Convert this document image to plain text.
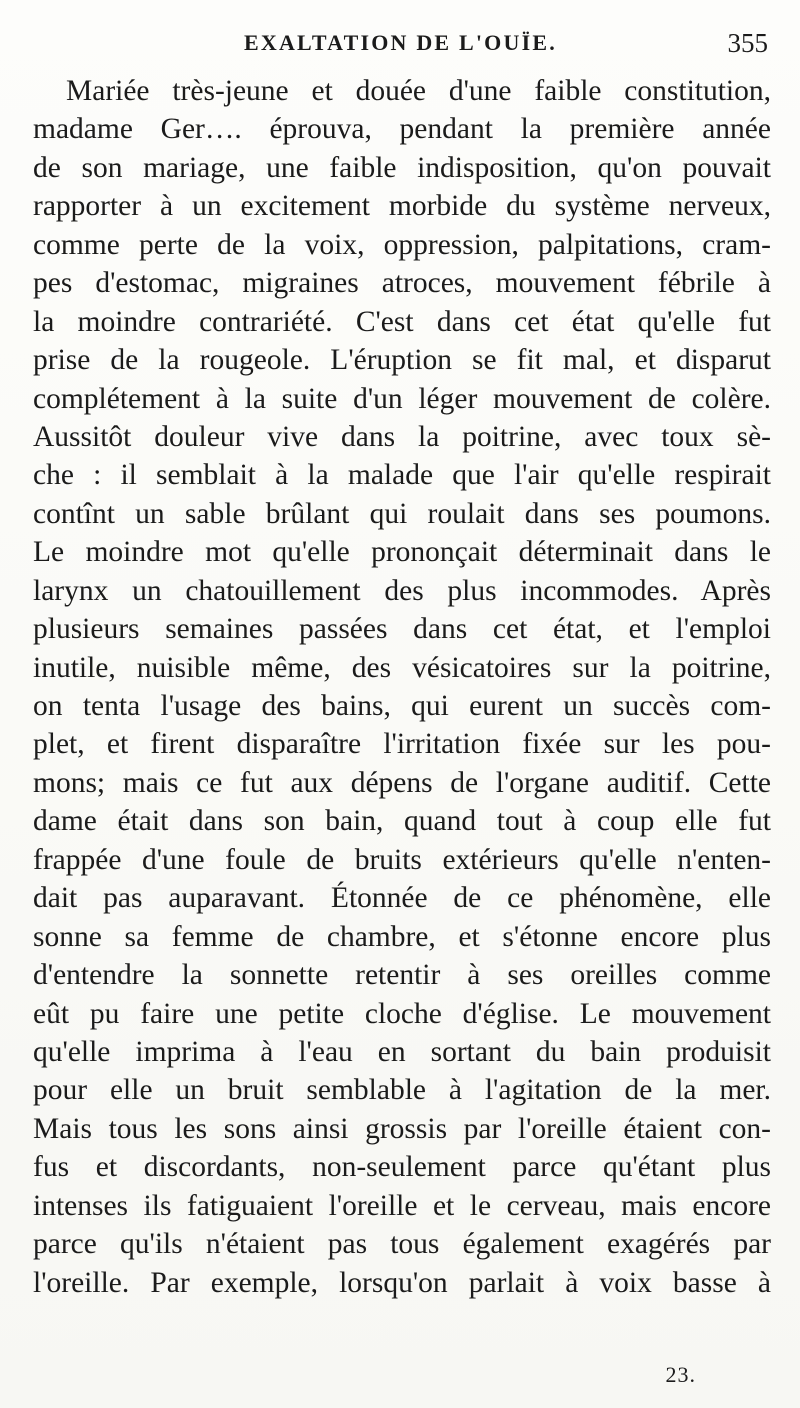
EXALTATION DE L'OUÏE.	355
Mariée très-jeune et douée d'une faible constitution,
madame Ger…. éprouva, pendant la première année
de son mariage, une faible indisposition, qu'on pouvait
rapporter à un excitement morbide du système nerveux,
comme perte de la voix, oppression, palpitations, cram-
pes d'estomac, migraines atroces, mouvement fébrile à
la moindre contrariété. C'est dans cet état qu'elle fut
prise de la rougeole. L'éruption se fit mal, et disparut
complétement à la suite d'un léger mouvement de colère.
Aussitôt douleur vive dans la poitrine, avec toux sè-
che : il semblait à la malade que l'air qu'elle respirait
contînt un sable brûlant qui roulait dans ses poumons.
Le moindre mot qu'elle prononçait déterminait dans le
larynx un chatouillement des plus incommodes. Après
plusieurs semaines passées dans cet état, et l'emploi
inutile, nuisible même, des vésicatoires sur la poitrine,
on tenta l'usage des bains, qui eurent un succès com-
plet, et firent disparaître l'irritation fixée sur les pou-
mons; mais ce fut aux dépens de l'organe auditif. Cette
dame était dans son bain, quand tout à coup elle fut
frappée d'une foule de bruits extérieurs qu'elle n'enten-
dait pas auparavant. Étonnée de ce phénomène, elle
sonne sa femme de chambre, et s'étonne encore plus
d'entendre la sonnette retentir à ses oreilles comme
eût pu faire une petite cloche d'église. Le mouvement
qu'elle imprima à l'eau en sortant du bain produisit
pour elle un bruit semblable à l'agitation de la mer.
Mais tous les sons ainsi grossis par l'oreille étaient con-
fus et discordants, non-seulement parce qu'étant plus
intenses ils fatiguaient l'oreille et le cerveau, mais encore
parce qu'ils n'étaient pas tous également exagérés par
l'oreille. Par exemple, lorsqu'on parlait à voix basse à
23.
